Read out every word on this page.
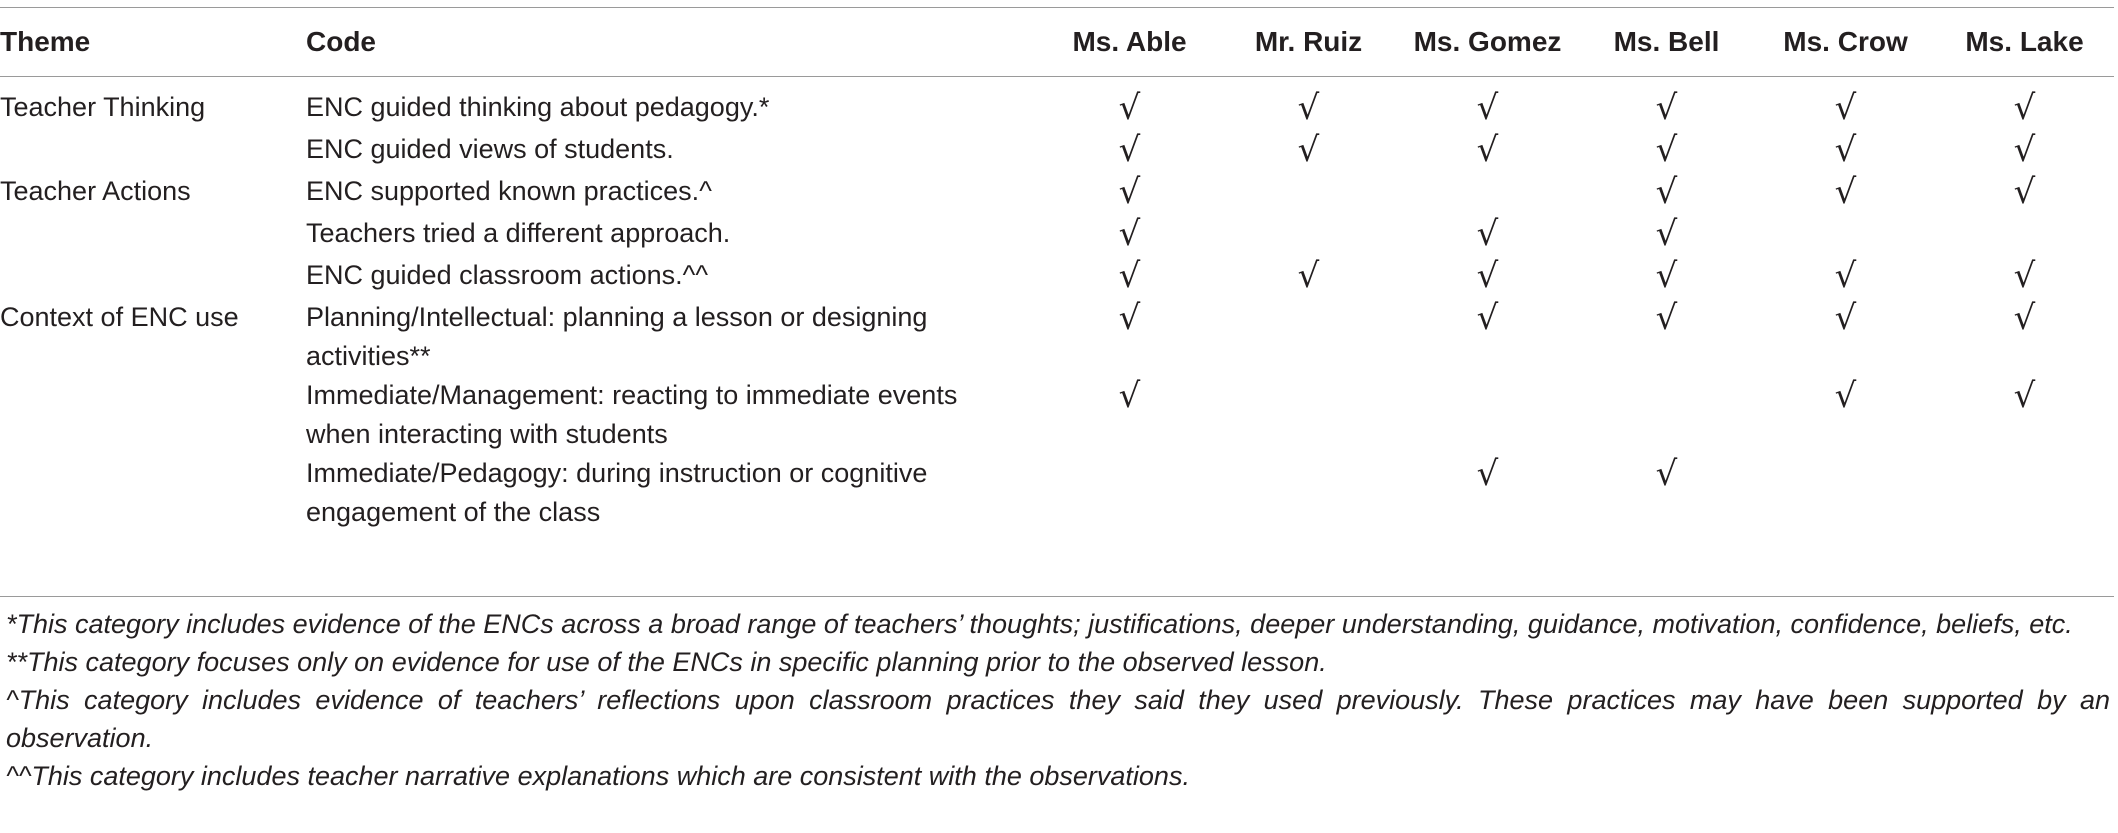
Theme	Code	Ms. Able	Mr. Ruiz	Ms. Gomez	Ms. Bell	Ms. Crow	Ms. Lake
Teacher Thinking	ENC guided thinking about pedagogy.*	√	√	√	√	√	√
	ENC guided views of students.	√	√	√	√	√	√
Teacher Actions	ENC supported known practices.^	√			√	√	√
	Teachers tried a different approach.	√		√	√		
	ENC guided classroom actions.^^	√	√	√	√	√	√
Context of ENC use	Planning/Intellectual: planning a lesson or designing
activities**	√		√	√	√	√

	Immediate/Management: reacting to immediate events
when interacting with students	√				√	√

	Immediate/Pedagogy: during instruction or cognitive
engagement of the class			√	√		

*This category includes evidence of the ENCs across a broad range of teachers’ thoughts; justifications, deeper understanding, guidance, motivation, confidence, beliefs, etc.

**This category focuses only on evidence for use of the ENCs in specific planning prior to the observed lesson.

^This category includes evidence of teachers’ reflections upon classroom practices they said they used previously. These practices may have been supported by an observation.

^^This category includes teacher narrative explanations which are consistent with the observations.
